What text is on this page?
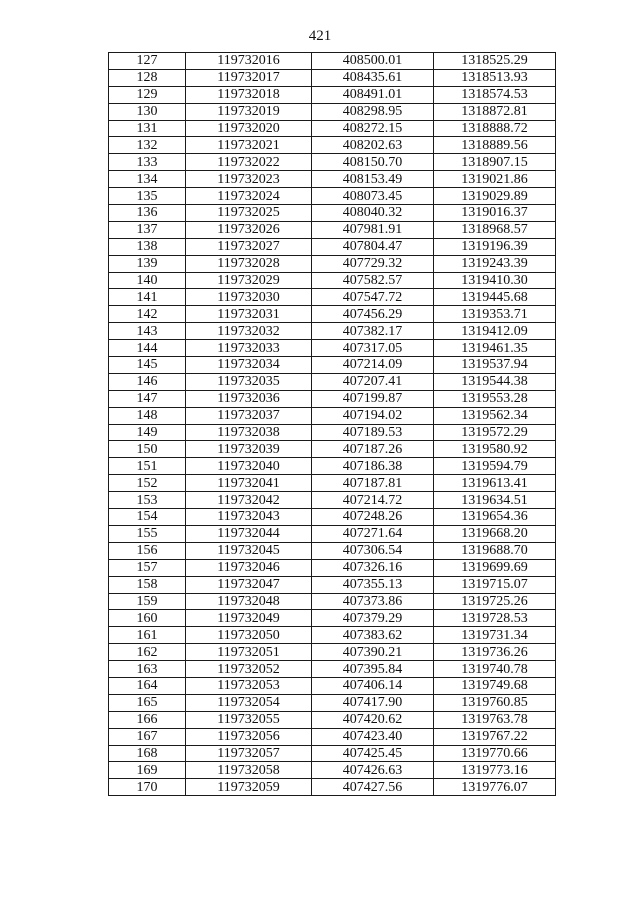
421
127	119732016	408500.01	1318525.29
128	119732017	408435.61	1318513.93
129	119732018	408491.01	1318574.53
130	119732019	408298.95	1318872.81
131	119732020	408272.15	1318888.72
132	119732021	408202.63	1318889.56
133	119732022	408150.70	1318907.15
134	119732023	408153.49	1319021.86
135	119732024	408073.45	1319029.89
136	119732025	408040.32	1319016.37
137	119732026	407981.91	1318968.57
138	119732027	407804.47	1319196.39
139	119732028	407729.32	1319243.39
140	119732029	407582.57	1319410.30
141	119732030	407547.72	1319445.68
142	119732031	407456.29	1319353.71
143	119732032	407382.17	1319412.09
144	119732033	407317.05	1319461.35
145	119732034	407214.09	1319537.94
146	119732035	407207.41	1319544.38
147	119732036	407199.87	1319553.28
148	119732037	407194.02	1319562.34
149	119732038	407189.53	1319572.29
150	119732039	407187.26	1319580.92
151	119732040	407186.38	1319594.79
152	119732041	407187.81	1319613.41
153	119732042	407214.72	1319634.51
154	119732043	407248.26	1319654.36
155	119732044	407271.64	1319668.20
156	119732045	407306.54	1319688.70
157	119732046	407326.16	1319699.69
158	119732047	407355.13	1319715.07
159	119732048	407373.86	1319725.26
160	119732049	407379.29	1319728.53
161	119732050	407383.62	1319731.34
162	119732051	407390.21	1319736.26
163	119732052	407395.84	1319740.78
164	119732053	407406.14	1319749.68
165	119732054	407417.90	1319760.85
166	119732055	407420.62	1319763.78
167	119732056	407423.40	1319767.22
168	119732057	407425.45	1319770.66
169	119732058	407426.63	1319773.16
170	119732059	407427.56	1319776.07
